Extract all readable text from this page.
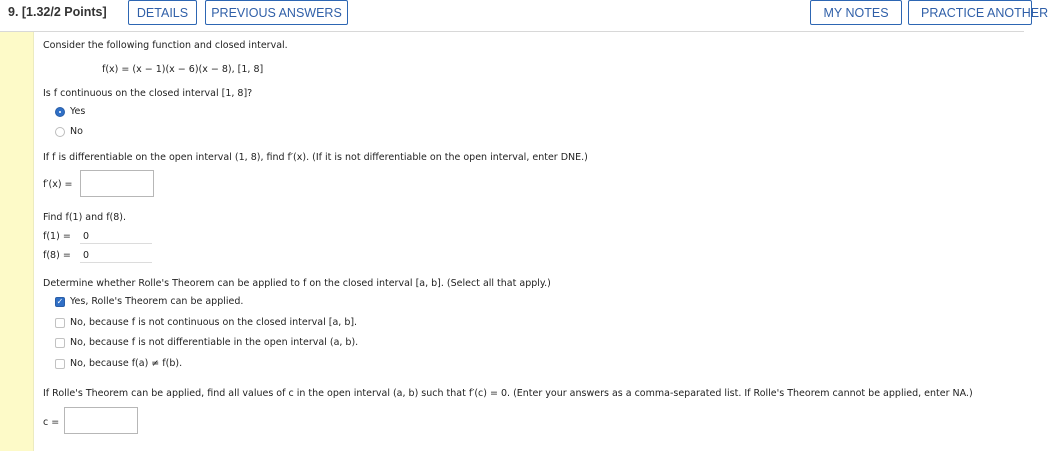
9. [1.32/2 Points]	DETAILS	PREVIOUS ANSWERS	MY NOTES	PRACTICE ANOTHER
Consider the following function and closed interval.
f(x) = (x − 1)(x − 6)(x − 8), [1, 8]
Is f continuous on the closed interval [1, 8]?
Yes
No
If f is differentiable on the open interval (1, 8), find f′(x). (If it is not differentiable on the open interval, enter DNE.)
f′(x) =
Find f(1) and f(8).
f(1) = 0
f(8) = 0
Determine whether Rolle's Theorem can be applied to f on the closed interval [a, b]. (Select all that apply.)
✓ Yes, Rolle's Theorem can be applied.
No, because f is not continuous on the closed interval [a, b].
No, because f is not differentiable in the open interval (a, b).
No, because f(a) ≠ f(b).
If Rolle's Theorem can be applied, find all values of c in the open interval (a, b) such that f′(c) = 0. (Enter your answers as a comma-separated list. If Rolle's Theorem cannot be applied, enter NA.)
c =
